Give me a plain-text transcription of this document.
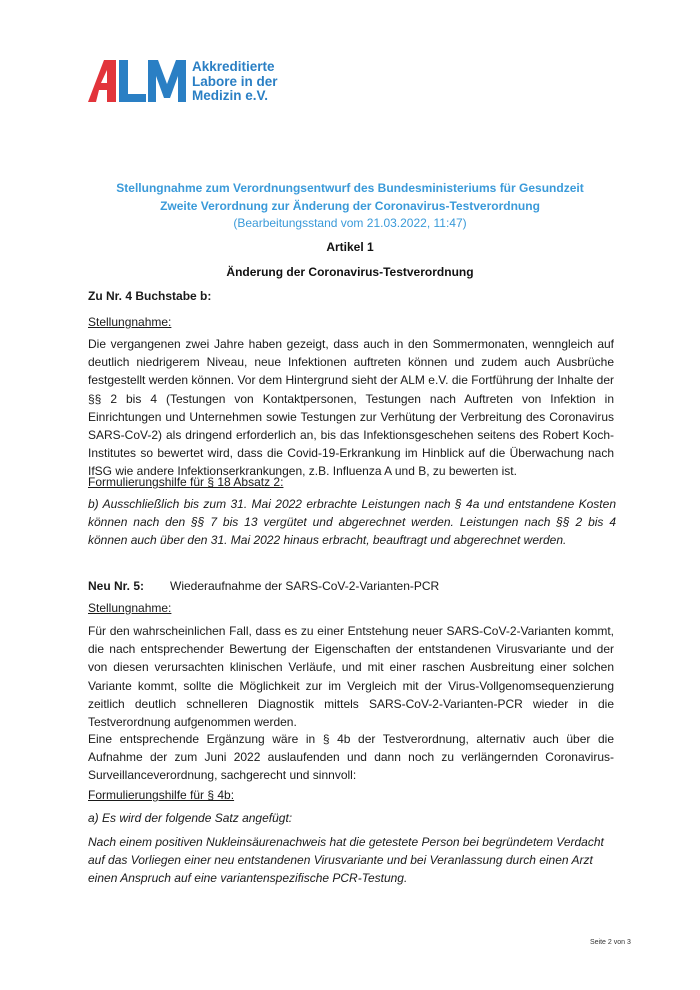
Akkreditierte
Labore in der
Medizin e.V.
Stellungnahme zum Verordnungsentwurf des Bundesministeriums für Gesundzeit
Zweite Verordnung zur Änderung der Coronavirus-Testverordnung
(Bearbeitungsstand vom 21.03.2022, 11:47)
Artikel 1
Änderung der Coronavirus-Testverordnung
Zu Nr. 4 Buchstabe b:
Stellungnahme:
Die vergangenen zwei Jahre haben gezeigt, dass auch in den Sommermonaten, wenngleich auf deutlich niedrigerem Niveau, neue Infektionen auftreten können und zudem auch Ausbrüche festgestellt werden können. Vor dem Hintergrund sieht der ALM e.V. die Fortführung der Inhalte der §§ 2 bis 4 (Testungen von Kontaktpersonen, Testungen nach Auftreten von Infektion in Einrichtungen und Unternehmen sowie Testungen zur Verhütung der Verbreitung des Coronavirus SARS-CoV-2) als dringend erforderlich an, bis das Infektionsgeschehen seitens des Robert Koch-Institutes so bewertet wird, dass die Covid-19-Erkrankung im Hinblick auf die Überwachung nach IfSG wie andere Infektionserkrankungen, z.B. Influenza A und B, zu bewerten ist.
Formulierungshilfe für § 18 Absatz 2:
b) Ausschließlich bis zum 31. Mai 2022 erbrachte Leistungen nach § 4a und entstandene Kosten können nach den §§ 7 bis 13 vergütet und abgerechnet werden. Leistungen nach §§ 2 bis 4 können auch über den 31. Mai 2022 hinaus erbracht, beauftragt und abgerechnet werden.
Neu Nr. 5:	Wiederaufnahme der SARS-CoV-2-Varianten-PCR
Stellungnahme:
Für den wahrscheinlichen Fall, dass es zu einer Entstehung neuer SARS-CoV-2-Varianten kommt, die nach entsprechender Bewertung der Eigenschaften der entstandenen Virusvariante und der von diesen verursachten klinischen Verläufe, und mit einer raschen Ausbreitung einer solchen Variante kommt, sollte die Möglichkeit zur im Vergleich mit der Virus-Vollgenomsequenzierung zeitlich deutlich schnelleren Diagnostik mittels SARS-CoV-2-Varianten-PCR wieder in die Testverordnung aufgenommen werden.
Eine entsprechende Ergänzung wäre in § 4b der Testverordnung, alternativ auch über die Aufnahme der zum Juni 2022 auslaufenden und dann noch zu verlängernden Coronavirus-Surveillanceverordnung, sachgerecht und sinnvoll:
Formulierungshilfe für § 4b:
a) Es wird der folgende Satz angefügt:
Nach einem positiven Nukleinsäurenachweis hat die getestete Person bei begründetem Verdacht auf das Vorliegen einer neu entstandenen Virusvariante und bei Veranlassung durch einen Arzt einen Anspruch auf eine variantenspezifische PCR-Testung.
Seite 2 von 3
